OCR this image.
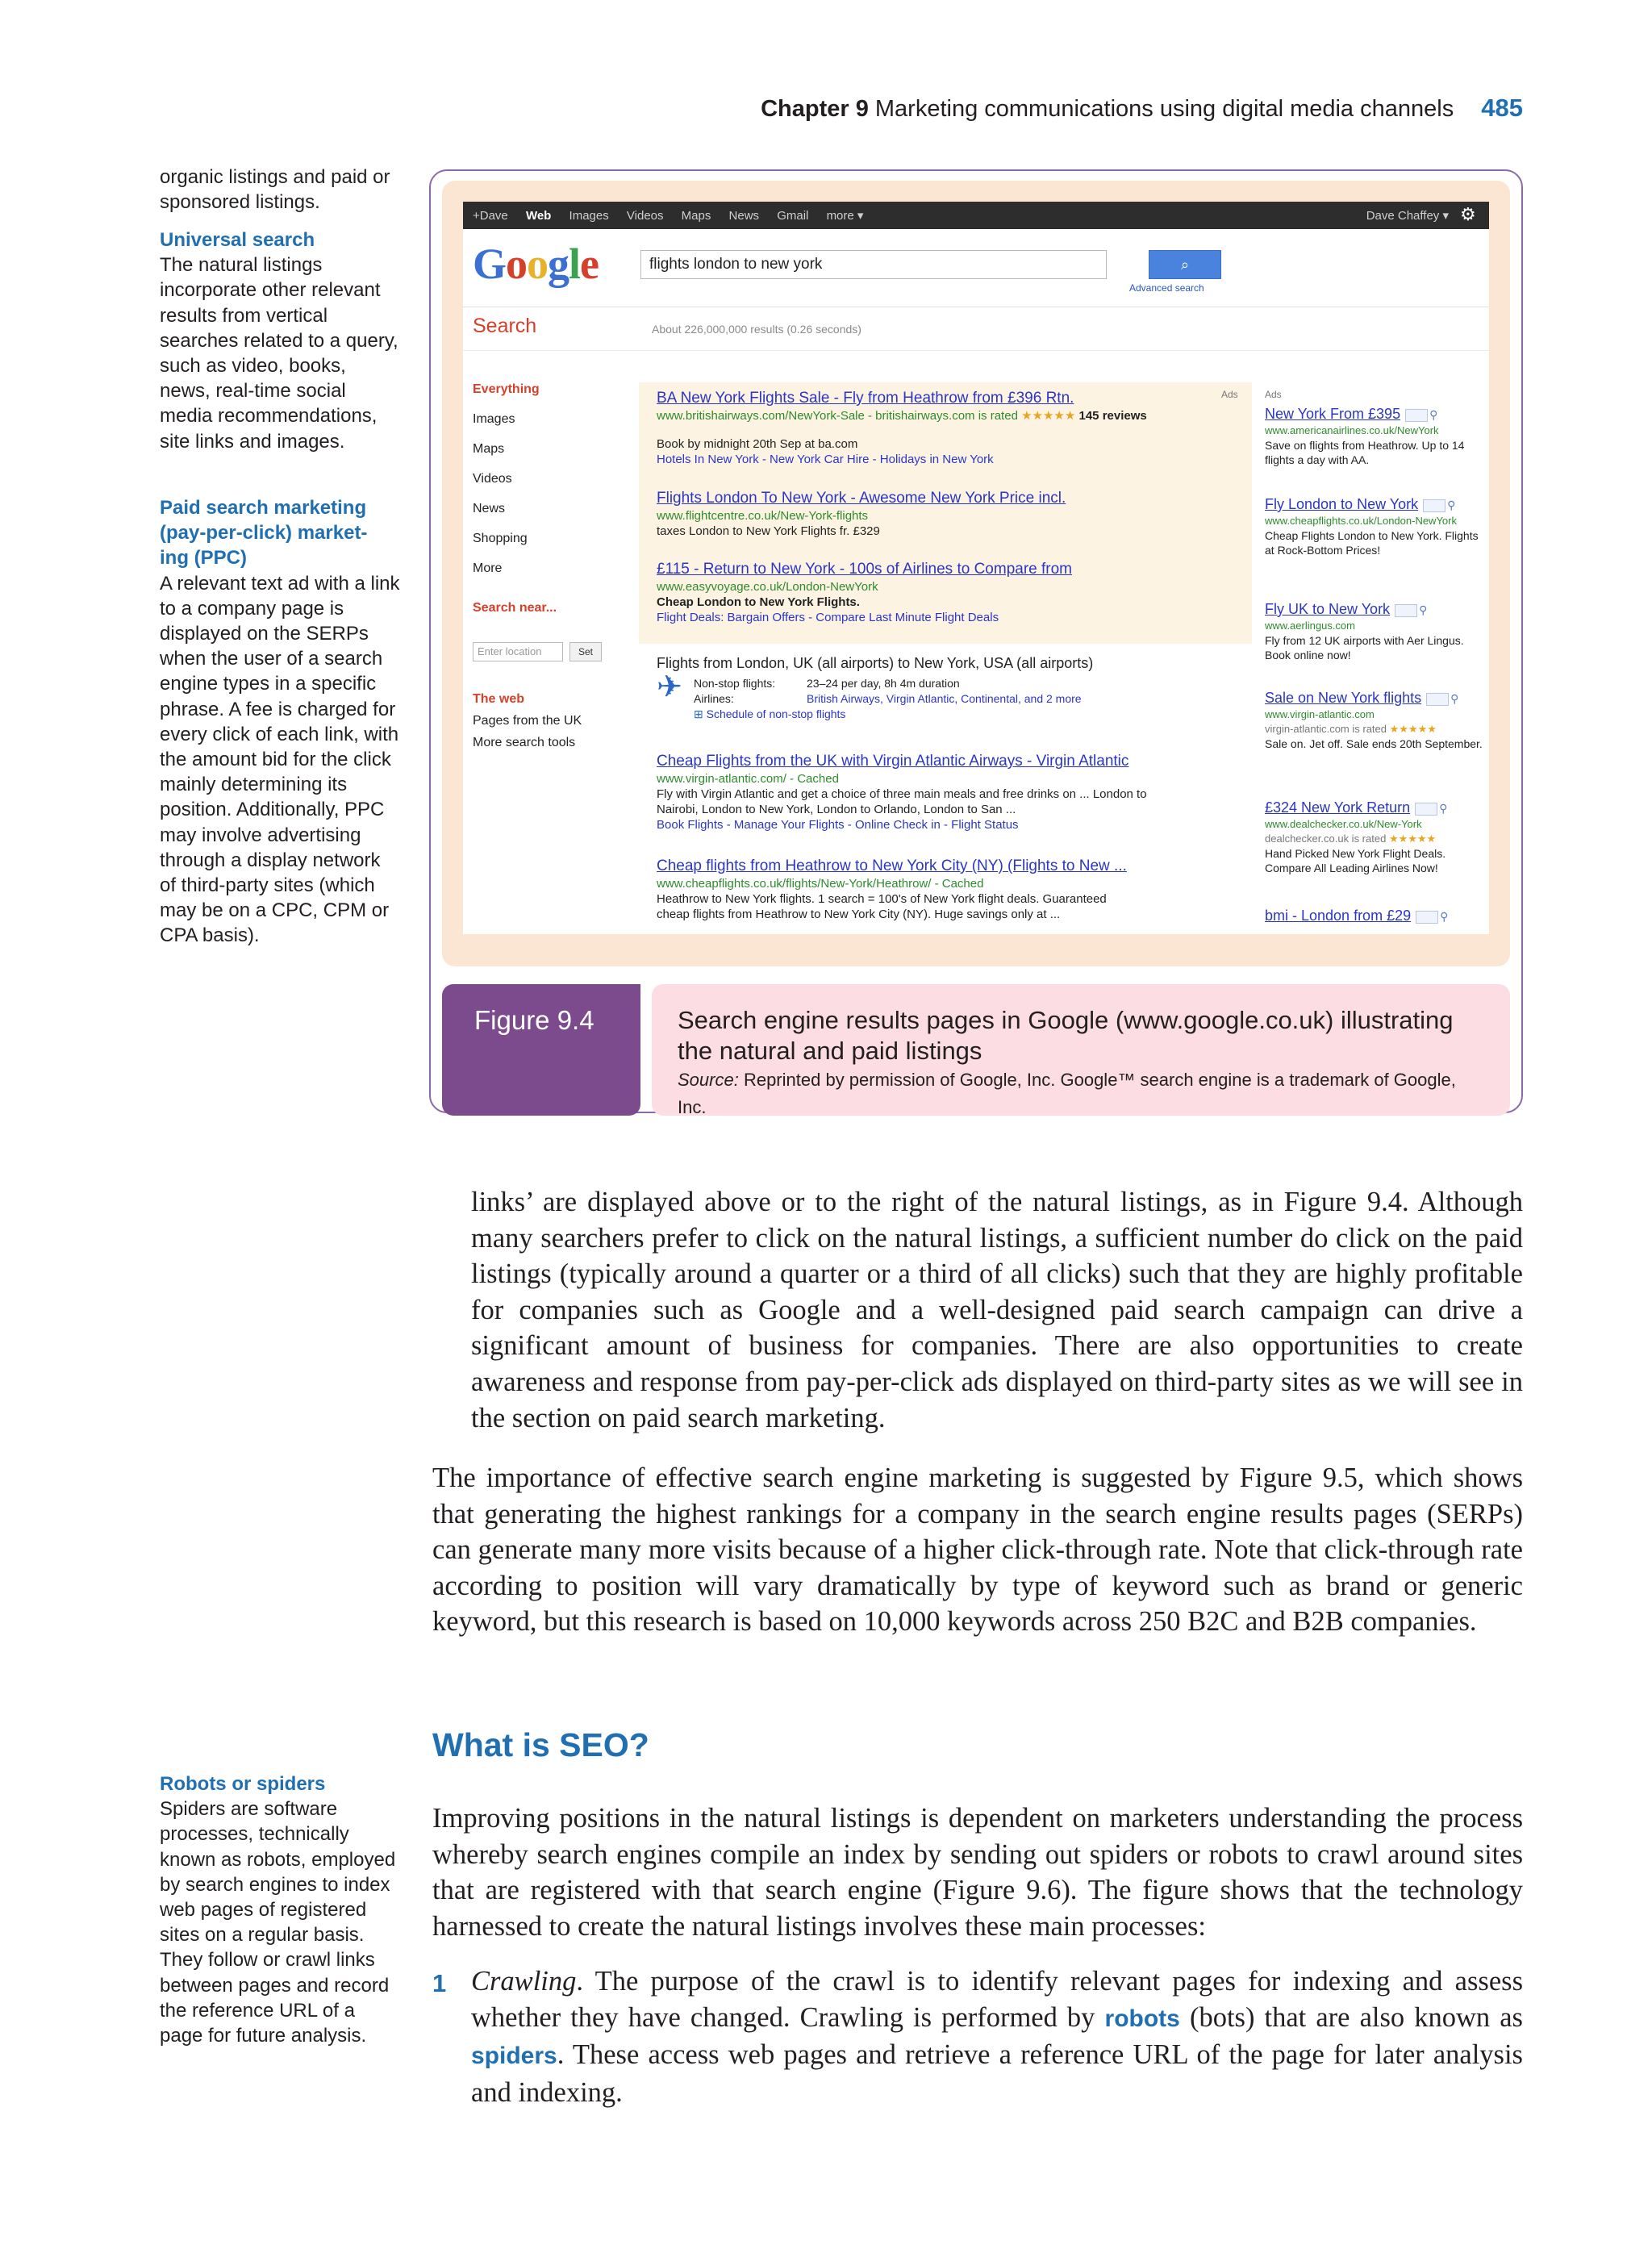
Chapter 9 Marketing communications using digital media channels 485

organic listings and paid or sponsored listings.

Universal search

The natural listings incorporate other relevant results from vertical searches related to a query, such as video, books, news, real-time social media recommendations, site links and images.

Paid search marketing (pay-per-click) market- ing (PPC)

A relevant text ad with a link to a company page is displayed on the SERPs when the user of a search engine types in a specific phrase. A fee is charged for every click of each link, with the amount bid for the click mainly determining its position. Additionally, PPC may involve advertising through a display network of third-party sites (which may be on a CPC, CPM or CPA basis).

Robots or spiders

Spiders are software processes, technically known as robots, employed by search engines to index web pages of registered sites on a regular basis. They follow or crawl links between pages and record the reference URL of a page for future analysis.

+Dave Web Images Videos Maps News Gmail more ▾	Dave Chaffey ▾ ⚙
Google	flights london to new york	⌕
Advanced search
Search	About 226,000,000 results (0.26 seconds)
Everything
Images
Maps
Videos
News
Shopping
More
Search near...
Enter location	Set
The web
Pages from the UK
More search tools
Ads
BA New York Flights Sale - Fly from Heathrow from £396 Rtn.
www.britishairways.com/NewYork-Sale - britishairways.com is rated ★★★★★ 145 reviews
Book by midnight 20th Sep at ba.com
Hotels In New York - New York Car Hire - Holidays in New York
Flights London To New York - Awesome New York Price incl.
www.flightcentre.co.uk/New-York-flights
taxes London to New York Flights fr. £329
£115 - Return to New York - 100s of Airlines to Compare from
www.easyvoyage.co.uk/London-NewYork
Cheap London to New York Flights.
Flight Deals: Bargain Offers - Compare Last Minute Flight Deals
Flights from London, UK (all airports) to New York, USA (all airports)
✈ Non-stop flights:	23–24 per day, 8h 4m duration
Airlines:	British Airways, Virgin Atlantic, Continental, and 2 more
⊞ Schedule of non-stop flights
Cheap Flights from the UK with Virgin Atlantic Airways - Virgin Atlantic
www.virgin-atlantic.com/ - Cached
Fly with Virgin Atlantic and get a choice of three main meals and free drinks on ... London to
Nairobi, London to New York, London to Orlando, London to San ...
Book Flights - Manage Your Flights - Online Check in - Flight Status
Cheap flights from Heathrow to New York City (NY) (Flights to New ...
www.cheapflights.co.uk/flights/New-York/Heathrow/ - Cached
Heathrow to New York flights. 1 search = 100's of New York flight deals. Guaranteed
cheap flights from Heathrow to New York City (NY). Huge savings only at ...
Ads
New York From £395	⚲
www.americanairlines.co.uk/NewYork
Save on flights from Heathrow. Up to 14 flights a day with AA.
Fly London to New York	⚲
www.cheapflights.co.uk/London-NewYork
Cheap Flights London to New York. Flights at Rock-Bottom Prices!
Fly UK to New York	⚲
www.aerlingus.com
Fly from 12 UK airports with Aer Lingus. Book online now!
Sale on New York flights	⚲
www.virgin-atlantic.com
virgin-atlantic.com is rated ★★★★★
Sale on. Jet off. Sale ends 20th September.
£324 New York Return	⚲
www.dealchecker.co.uk/New-York
dealchecker.co.uk is rated ★★★★★
Hand Picked New York Flight Deals. Compare All Leading Airlines Now!
bmi - London from £29	⚲
Figure 9.4	Search engine results pages in Google (www.google.co.uk) illustrating the natural and paid listings
Source: Reprinted by permission of Google, Inc. Google™ search engine is a trademark of Google, Inc.

links’ are displayed above or to the right of the natural listings, as in Figure 9.4. Although many searchers prefer to click on the natural listings, a sufficient number do click on the paid listings (typically around a quarter or a third of all clicks) such that they are highly profitable for companies such as Google and a well-designed paid search campaign can drive a significant amount of business for companies. There are also opportunities to create awareness and response from pay-per-click ads displayed on third-party sites as we will see in the section on paid search marketing.

The importance of effective search engine marketing is suggested by Figure 9.5, which shows that generating the highest rankings for a company in the search engine results pages (SERPs) can generate many more visits because of a higher click-through rate. Note that click-through rate according to position will vary dramatically by type of keyword such as brand or generic keyword, but this research is based on 10,000 keywords across 250 B2C and B2B companies.

What is SEO?

Improving positions in the natural listings is dependent on marketers understanding the process whereby search engines compile an index by sending out spiders or robots to crawl around sites that are registered with that search engine (Figure 9.6). The figure shows that the technology harnessed to create the natural listings involves these main processes:

1 Crawling. The purpose of the crawl is to identify relevant pages for indexing and assess whether they have changed. Crawling is performed by robots (bots) that are also known as spiders. These access web pages and retrieve a reference URL of the page for later analysis and indexing.
